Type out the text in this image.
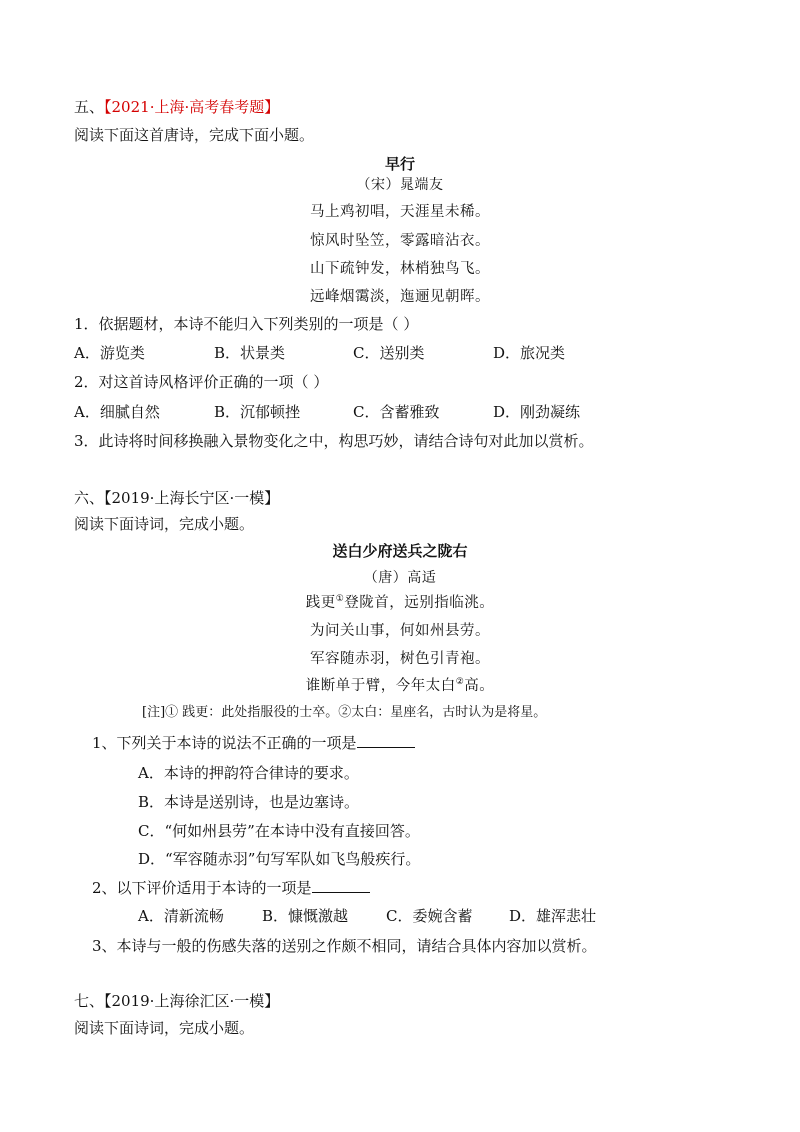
五、【2021·上海·高考春考题】
阅读下面这首唐诗，完成下面小题。
早行
（宋）晁端友
马上鸡初唱，天涯星未稀。
惊风时坠笠，零露暗沾衣。
山下疏钟发，林梢独鸟飞。
远峰烟霭淡，迤逦见朝晖。
1．依据题材，本诗不能归入下列类别的一项是（ ）
A．游览类	B．状景类	C．送别类	D．旅况类
2．对这首诗风格评价正确的一项（ ）
A．细腻自然	B．沉郁顿挫	C．含蓄雅致	D．刚劲凝练
3．此诗将时间移换融入景物变化之中，构思巧妙，请结合诗句对此加以赏析。
六、【2019·上海长宁区·一模】
阅读下面诗词，完成小题。
送白少府送兵之陇右
（唐）高适
践更①登陇首，远别指临洮。
为问关山事，何如州县劳。
军容随赤羽，树色引青袍。
谁断单于臂，今年太白②高。
[注]① 践更：此处指服役的士卒。②太白：星座名，古时认为是将星。
1、下列关于本诗的说法不正确的一项是
A．本诗的押韵符合律诗的要求。
B．本诗是送别诗，也是边塞诗。
C．“何如州县劳”在本诗中没有直接回答。
D．“军容随赤羽”句写军队如飞鸟般疾行。
2、以下评价适用于本诗的一项是
A．清新流畅	B．慷慨激越	C．委婉含蓄 D．雄浑悲壮
3、本诗与一般的伤感失落的送别之作颇不相同，请结合具体内容加以赏析。
七、【2019·上海徐汇区·一模】
阅读下面诗词，完成小题。
